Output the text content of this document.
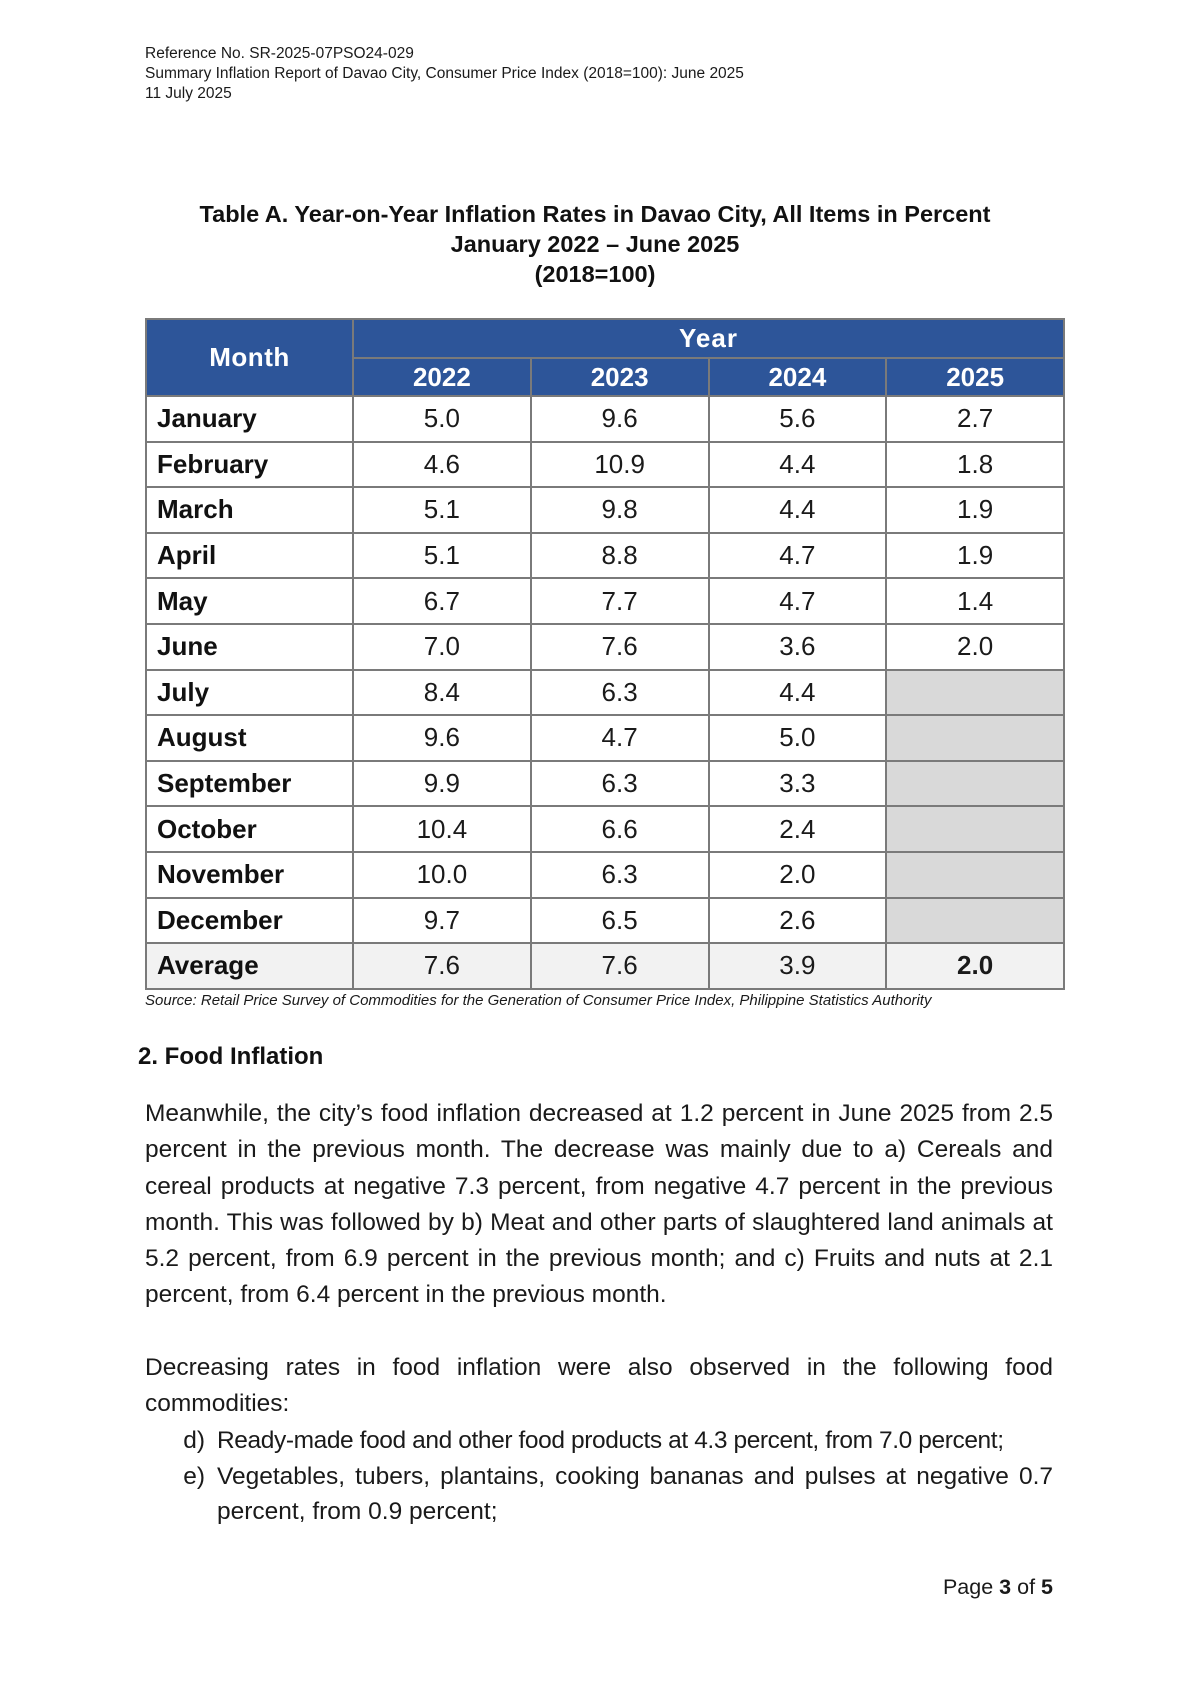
Reference No. SR-2025-07PSO24-029
Summary Inflation Report of Davao City, Consumer Price Index (2018=100): June 2025
11 July 2025
Table A. Year-on-Year Inflation Rates in Davao City, All Items in Percent
January 2022 – June 2025
(2018=100)
Month	Year			
	2022	2023	2024	2025
January	5.0	9.6	5.6	2.7
February	4.6	10.9	4.4	1.8
March	5.1	9.8	4.4	1.9
April	5.1	8.8	4.7	1.9
May	6.7	7.7	4.7	1.4
June	7.0	7.6	3.6	2.0
July	8.4	6.3	4.4	
August	9.6	4.7	5.0	
September	9.9	6.3	3.3	
October	10.4	6.6	2.4	
November	10.0	6.3	2.0	
December	9.7	6.5	2.6	
Average	7.6	7.6	3.9	2.0
Source: Retail Price Survey of Commodities for the Generation of Consumer Price Index, Philippine Statistics Authority
2. Food Inflation
Meanwhile, the city’s food inflation decreased at 1.2 percent in June 2025 from 2.5 percent in the previous month. The decrease was mainly due to a) Cereals and cereal products at negative 7.3 percent, from negative 4.7 percent in the previous month. This was followed by b) Meat and other parts of slaughtered land animals at 5.2 percent, from 6.9 percent in the previous month; and c) Fruits and nuts at 2.1 percent, from 6.4 percent in the previous month.
Decreasing rates in food inflation were also observed in the following food commodities:
d) Ready-made food and other food products at 4.3 percent, from 7.0 percent;
e) Vegetables, tubers, plantains, cooking bananas and pulses at negative 0.7 percent, from 0.9 percent;
Page 3 of 5
